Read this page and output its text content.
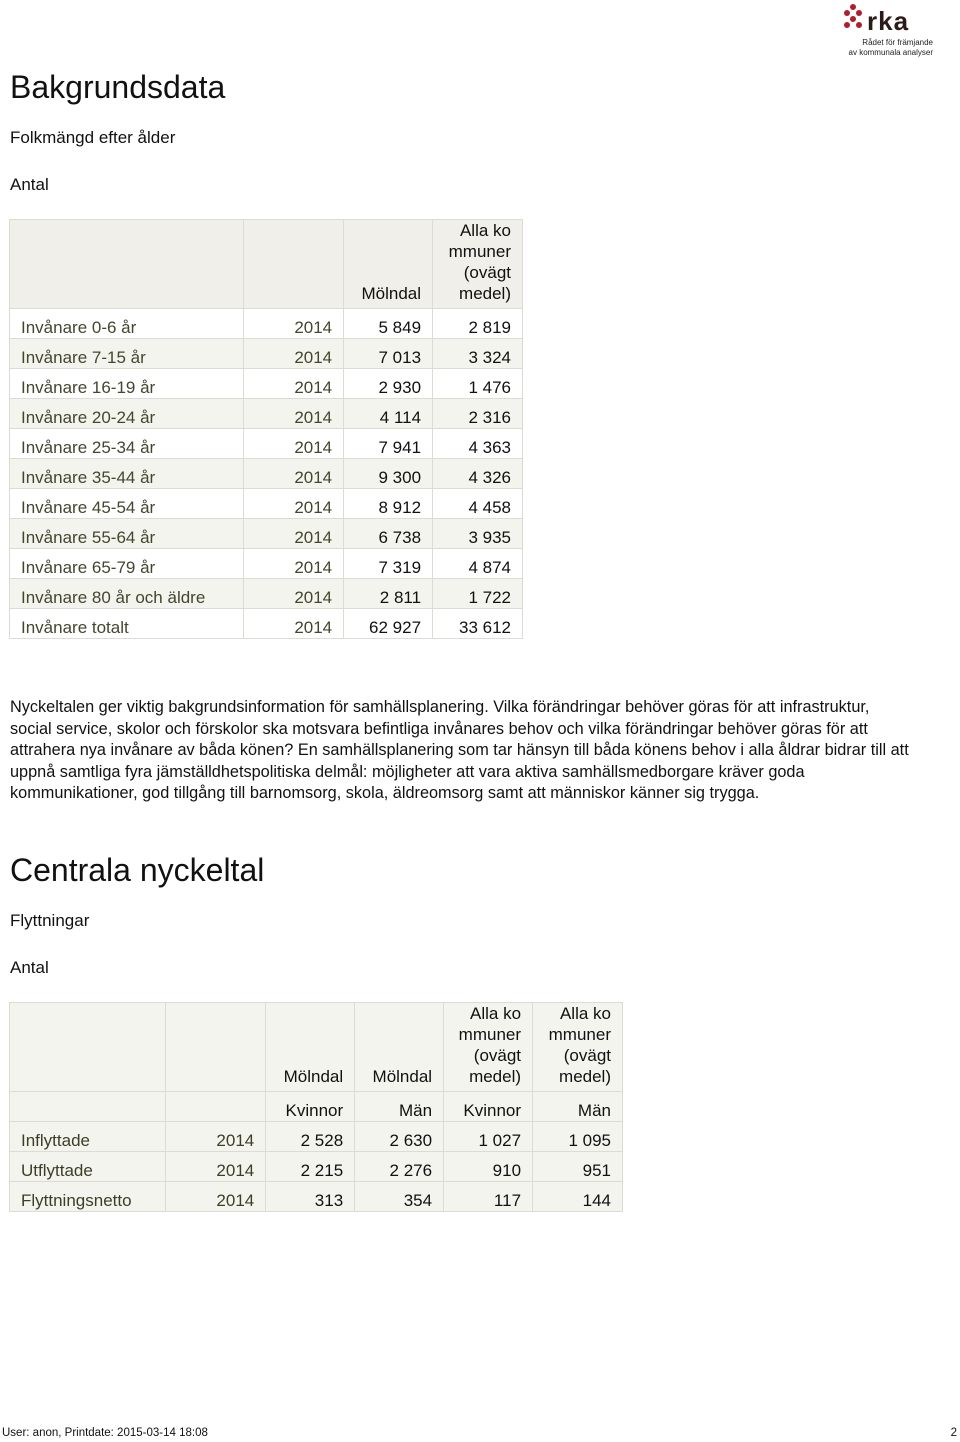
rka
Rådet för främjande
av kommunala analyser
Bakgrundsdata

Folkmängd efter ålder

Antal

		Mölndal	Alla ko
mmuner
(ovägt
medel)
Invånare 0-6 år	2014	5 849	2 819
Invånare 7-15 år	2014	7 013	3 324
Invånare 16-19 år	2014	2 930	1 476
Invånare 20-24 år	2014	4 114	2 316
Invånare 25-34 år	2014	7 941	4 363
Invånare 35-44 år	2014	9 300	4 326
Invånare 45-54 år	2014	8 912	4 458
Invånare 55-64 år	2014	6 738	3 935
Invånare 65-79 år	2014	7 319	4 874
Invånare 80 år och äldre	2014	2 811	1 722
Invånare totalt	2014	62 927	33 612

Nyckeltalen ger viktig bakgrundsinformation för samhällsplanering. Vilka förändringar behöver göras för att infrastruktur, social service, skolor och förskolor ska motsvara befintliga invånares behov och vilka förändringar behöver göras för att attrahera nya invånare av båda könen? En samhällsplanering som tar hänsyn till båda könens behov i alla åldrar bidrar till att uppnå samtliga fyra jämställdhetspolitiska delmål: möjligheter att vara aktiva samhällsmedborgare kräver goda kommunikationer, god tillgång till barnomsorg, skola, äldreomsorg samt att människor känner sig trygga.

Centrala nyckeltal

Flyttningar

Antal

		Mölndal	Mölndal	Alla ko
mmuner
(ovägt
medel)	Alla ko
mmuner
(ovägt
medel)
		Kvinnor	Män	Kvinnor	Män
Inflyttade	2014	2 528	2 630	1 027	1 095
Utflyttade	2014	2 215	2 276	910	951
Flyttningsnetto	2014	313	354	117	144
User: anon, Printdate: 2015-03-14 18:08	2
